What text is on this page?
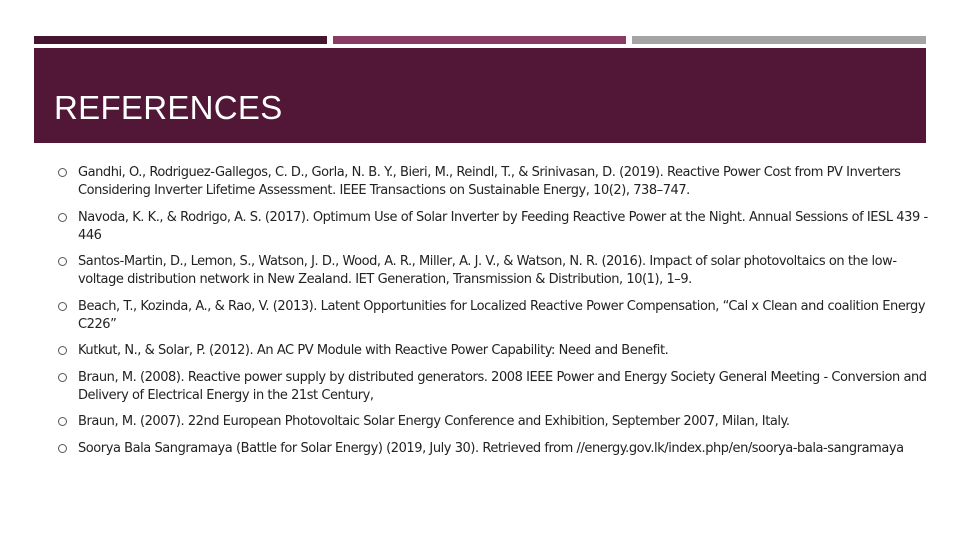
REFERENCES
Gandhi, O., Rodriguez-Gallegos, C. D., Gorla, N. B. Y., Bieri, M., Reindl, T., & Srinivasan, D. (2019). Reactive Power Cost from PV Inverters Considering Inverter Lifetime Assessment. IEEE Transactions on Sustainable Energy, 10(2), 738–747.
Navoda, K. K., & Rodrigo, A. S. (2017). Optimum Use of Solar Inverter by Feeding Reactive Power at the Night. Annual Sessions of IESL 439 - 446
Santos-Martin, D., Lemon, S., Watson, J. D., Wood, A. R., Miller, A. J. V., & Watson, N. R. (2016). Impact of solar photovoltaics on the low-voltage distribution network in New Zealand. IET Generation, Transmission & Distribution, 10(1), 1–9.
Beach, T., Kozinda, A., & Rao, V. (2013). Latent Opportunities for Localized Reactive Power Compensation, “Cal x Clean and coalition Energy C226”
Kutkut, N., & Solar, P. (2012). An AC PV Module with Reactive Power Capability: Need and Benefit.
Braun, M. (2008). Reactive power supply by distributed generators. 2008 IEEE Power and Energy Society General Meeting - Conversion and Delivery of Electrical Energy in the 21st Century,
Braun, M. (2007). 22nd European Photovoltaic Solar Energy Conference and Exhibition, September 2007, Milan, Italy.
Soorya Bala Sangramaya (Battle for Solar Energy) (2019, July 30). Retrieved from //energy.gov.lk/index.php/en/soorya-bala-sangramaya
